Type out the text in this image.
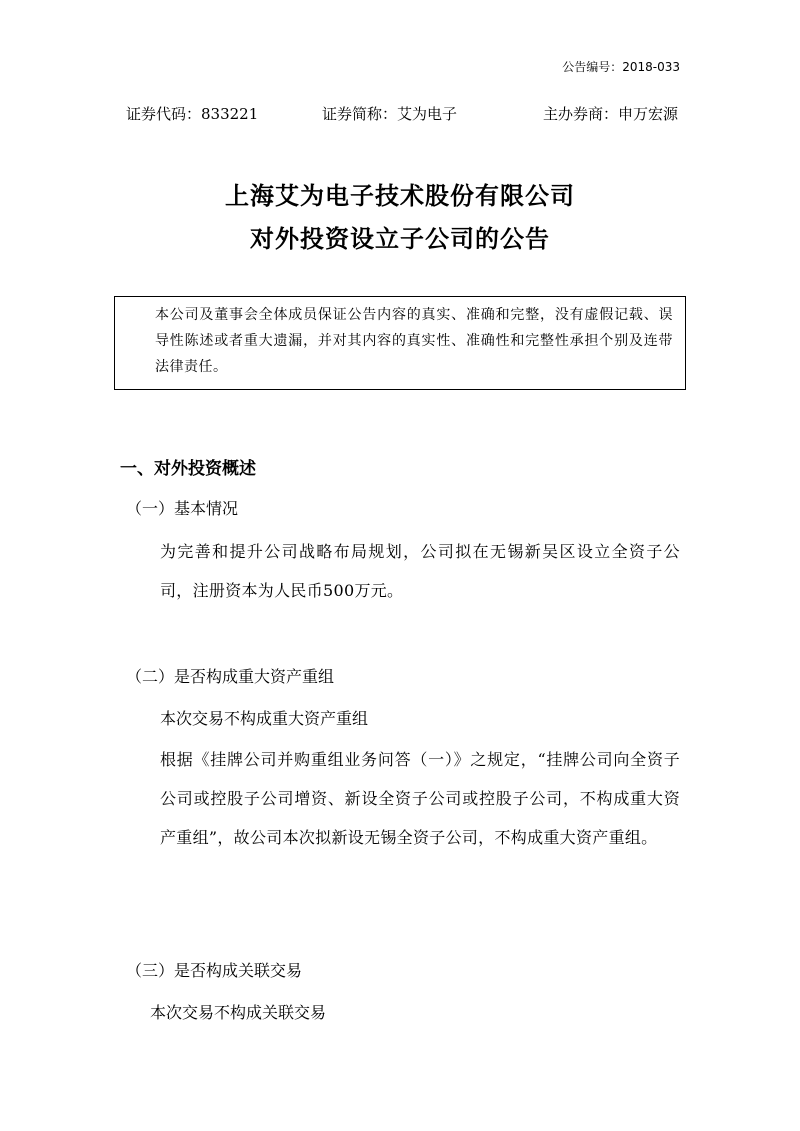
公告编号：2018-033
证券代码：833221	证券简称：艾为电子	主办券商：申万宏源
上海艾为电子技术股份有限公司
对外投资设立子公司的公告
本公司及董事会全体成员保证公告内容的真实、准确和完整，没有虚假记载、误导性陈述或者重大遗漏，并对其内容的真实性、准确性和完整性承担个别及连带法律责任。
一、对外投资概述
（一）基本情况
为完善和提升公司战略布局规划，公司拟在无锡新吴区设立全资子公司，注册资本为人民币500万元。
（二）是否构成重大资产重组
本次交易不构成重大资产重组
根据《挂牌公司并购重组业务问答（一）》之规定，“挂牌公司向全资子公司或控股子公司增资、新设全资子公司或控股子公司，不构成重大资产重组”，故公司本次拟新设无锡全资子公司，不构成重大资产重组。
（三）是否构成关联交易
本次交易不构成关联交易
